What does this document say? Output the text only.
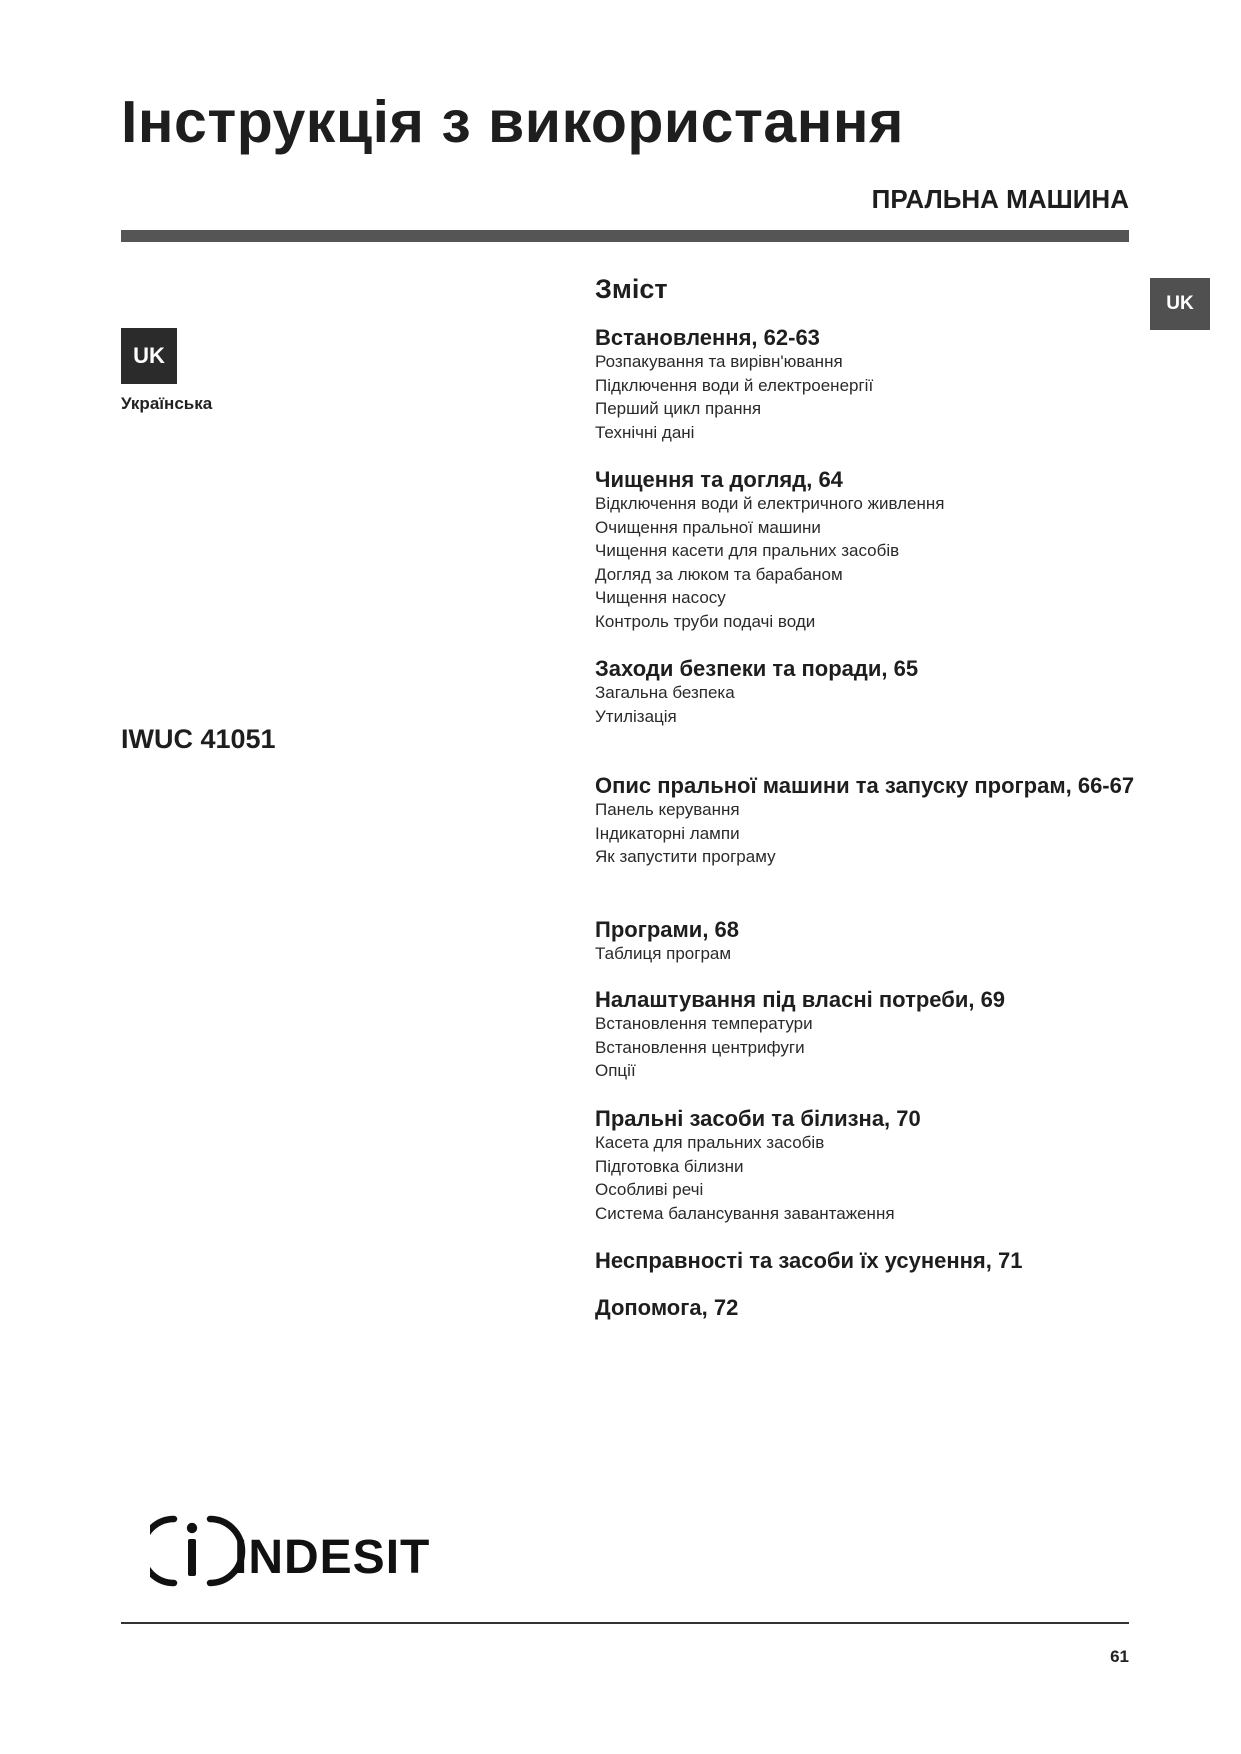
Інструкція з використання
ПРАЛЬНА МАШИНА
UK
Українська
UK
IWUC 41051
Зміст
Встановлення, 62-63
Розпакування та вирівн'ювання
Підключення води й електроенергії
Перший цикл прання
Технічні дані
Чищення та догляд, 64
Відключення води й електричного живлення
Очищення пральної машини
Чищення касети для пральних засобів
Догляд за люком та барабаном
Чищення насосу
Контроль труби подачі води
Заходи безпеки та поради, 65
Загальна безпека
Утилізація
Опис пральної машини та запуску програм, 66-67
Панель керування
Індикаторні лампи
Як запустити програму
Програми, 68
Таблиця програм
Налаштування під власні потреби, 69
Встановлення температури
Встановлення центрифуги
Опції
Пральні засоби та білизна, 70
Касета для пральних засобів
Підготовка білизни
Особливі речі
Система балансування завантаження
Несправності та засоби їх усунення, 71
Допомога, 72
INDESIT
61
